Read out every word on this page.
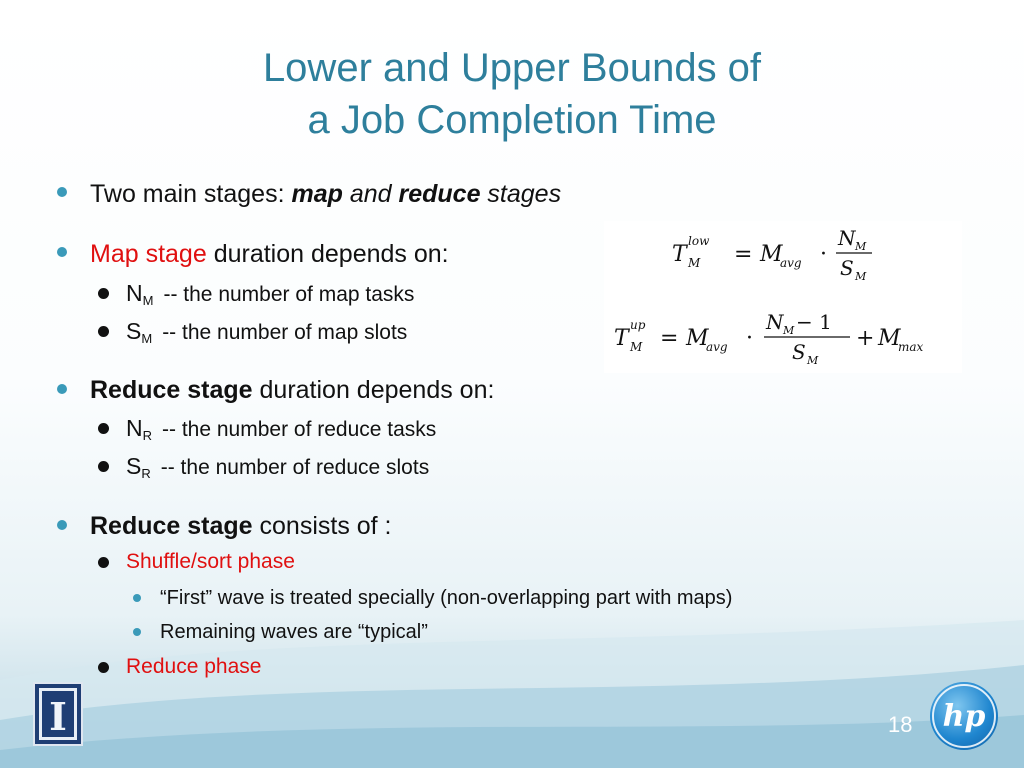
Lower and Upper Bounds of
a Job Completion Time
Two main stages: map and reduce stages
Map stage duration depends on:
$N_M$ -- the number of map tasks
$S_M$ -- the number of map slots
Reduce stage duration depends on:
$N_R$ -- the number of reduce tasks
$S_R$ -- the number of reduce slots
Reduce stage consists of :
Shuffle/sort phase
“First” wave is treated specially (non-overlapping part with maps)
Remaining waves are “typical”
Reduce phase
T
low
M = M
avg ·
N M
S M
T
up
M = M
avg ·
N M − 1
S M
+ M
max
I	18 hp
